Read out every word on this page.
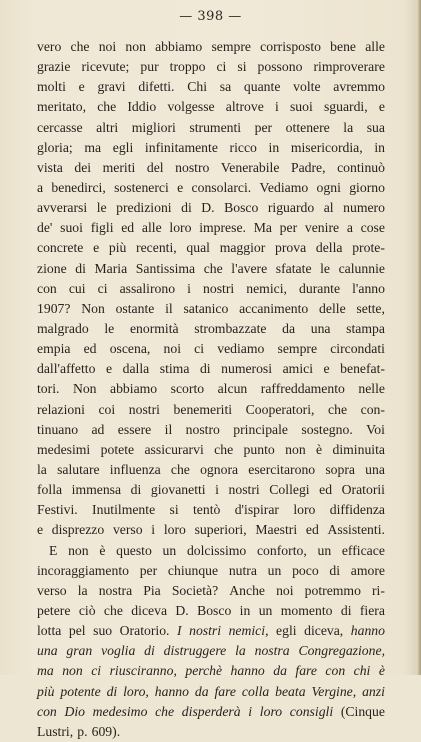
— 398 —
vero che noi non abbiamo sempre corrisposto bene alle
grazie ricevute; pur troppo ci si possono rimproverare
molti e gravi difetti. Chi sa quante volte avremmo
meritato, che Iddio volgesse altrove i suoi sguardi, e
cercasse altri migliori strumenti per ottenere la sua
gloria; ma egli infinitamente ricco in misericordia, in
vista dei meriti del nostro Venerabile Padre, continuò
a benedirci, sostenerci e consolarci. Vediamo ogni giorno
avverarsi le predizioni di D. Bosco riguardo al numero
de' suoi figli ed alle loro imprese. Ma per venire a cose
concrete e più recenti, qual maggior prova della prote-
zione di Maria Santissima che l'avere sfatate le calunnie
con cui ci assalirono i nostri nemici, durante l'anno
1907? Non ostante il satanico accanimento delle sette,
malgrado le enormità strombazzate da una stampa
empia ed oscena, noi ci vediamo sempre circondati
dall'affetto e dalla stima di numerosi amici e benefat-
tori. Non abbiamo scorto alcun raffreddamento nelle
relazioni coi nostri benemeriti Cooperatori, che con-
tinuano ad essere il nostro principale sostegno. Voi
medesimi potete assicurarvi che punto non è diminuita
la salutare influenza che ognora esercitarono sopra una
folla immensa di giovanetti i nostri Collegi ed Oratorii
Festivi. Inutilmente si tentò d'ispirar loro diffidenza
e disprezzo verso i loro superiori, Maestri ed Assistenti.
E non è questo un dolcissimo conforto, un efficace
incoraggiamento per chiunque nutra un poco di amore
verso la nostra Pia Società? Anche noi potremmo ri-
petere ciò che diceva D. Bosco in un momento di fiera
lotta pel suo Oratorio. I nostri nemici, egli diceva, hanno
una gran voglia di distruggere la nostra Congregazione,
ma non ci riusciranno, perchè hanno da fare con chi è
più potente di loro, hanno da fare colla beata Vergine, anzi
con Dio medesimo che disperderà i loro consigli (Cinque
Lustri, p. 609).
